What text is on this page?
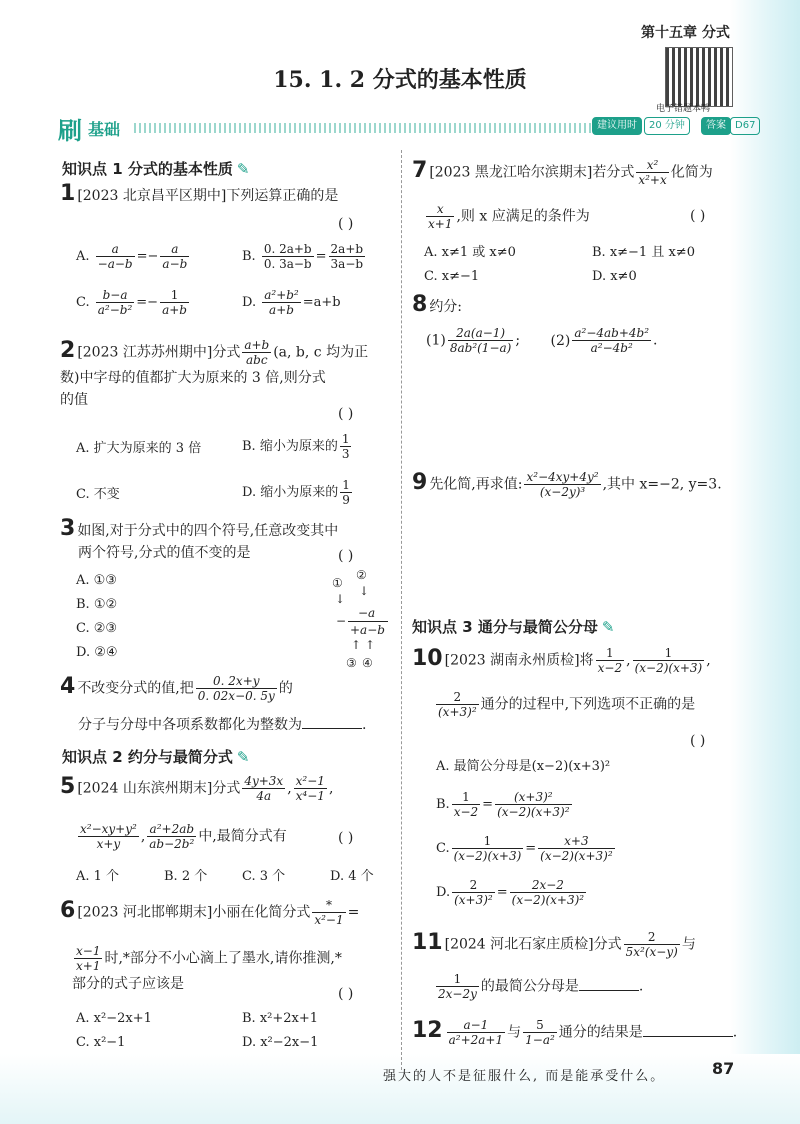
第十五章 分式
15. 1. 2 分式的基本性质
电子错题本鸭
刷 基础	建议用时	20 分钟	答案 D67
知识点 1 分式的基本性质 ✎
1 [2023 北京昌平区期中]下列运算正确的是
( )
A. $\frac{a}{-a-b} =- \frac{a}{a-b}$	B. $\frac{0. 2a+b}{0. 3a-b} = \frac{2a+b}{3a-b}$
C. $\frac{b-a}{\text{a²−b²}} =- \frac{1}{a+b}$	D. $\frac{\text{a²+b²}}{a+b} =a+b$
2 [2023 江苏苏州期中]分式 $\frac{a+b}{\text{abc}} (a$, b, c 均为正
数)中字母的值都扩大为原来的 3 倍,则分式
的值
( )
A. 扩大为原来的 3 倍	B. 缩小为原来的 $\frac{1}{3}$
C. 不变	D. 缩小为原来的 $\frac{1}{9}$
3 如图,对于分式中的四个符号,任意改变其中
两个符号,分式的值不变的是	( )
A. ①③
B. ①②
C. ②③
D. ②④
①
②
↓
↓
−
−a
+a−b
↑ ↑
③ ④
4 不改变分式的值,把 $\frac{0. 2x+y}{0. 02x-0. 5y}$ 的
分子与分母中各项系数都化为整数为	.
知识点 2 约分与最简分式 ✎
5 [2024 山东滨州期末]分式 $\frac{4y+3x}{4a}$ , $\frac{\text{x²−1}}{\text{x⁴−1}}$ ,
$\frac{\text{x²−xy+y²}}{x+y}$ , $\frac{\text{a²+2ab}}{\text{ab−2b²}}$ 中,最简分式有	( )
A. 1 个	B. 2 个	C. 3 个	D. 4 个
6 [2023 河北邯郸期末]小丽在化简分式 $\frac{*}{\text{x²−1}}$ =
$\frac{x-1}{x+1}$ 时,*部分不小心滴上了墨水,请你推测,*
部分的式子应该是
( )
A. x²−2x+1	B. x²+2x+1
C. x²−1	D. x²−2x−1
7 [2023 黑龙江哈尔滨期末]若分式 $\frac{\text{x²}}{\text{x²+x}}$ 化简为
$\frac{x}{x+1}$ ,则 x 应满足的条件为	( )
A. x≠1 或 x≠0	B. x≠−1 且 x≠0
C. x≠−1	D. x≠0
8 约分:
$(1) \frac{2a(a-1)}{\text{8ab²(1−a)}}$ ; $(2) \frac{\text{a²−4ab+4b²}}{\text{a²−4b²}}$ .
9 先化简,再求值: $\frac{\text{x²−4xy+4y²}}{\text{(x−2y)³}}$ ,其中 x=−2, y=3.
知识点 3 通分与最简公分母 ✎
10 [2023 湖南永州质检]将 $\frac{1}{x-2}$ , $\frac{1}{(x-2)(x+3)}$ ,
$\frac{2}{\text{(x+3)²}}$ 通分的过程中,下列选项不正确的是
( )
A. 最简公分母是(x−2)(x+3)²
B. $\frac{1}{x-2} = \frac{\text{(x+3)²}}{\text{(x−2)(x+3)²}}$
C. $\frac{1}{(x-2)(x+3)} = \frac{x+3}{\text{(x−2)(x+3)²}}$
D. $\frac{2}{\text{(x+3)²}} = \frac{2x-2}{\text{(x−2)(x+3)²}}$
11 [2024 河北石家庄质检]分式 $\frac{2}{\text{5x²(x−y)}}$ 与
$\frac{1}{2x-2y}$ 的最简公分母是	.
$12 \frac{a-1}{\text{a²+2a+1}}$ 与 $\frac{5}{\text{1−a²}}$ 通分的结果是	.
强大的人不是征服什么, 而是能承受什么。	87
